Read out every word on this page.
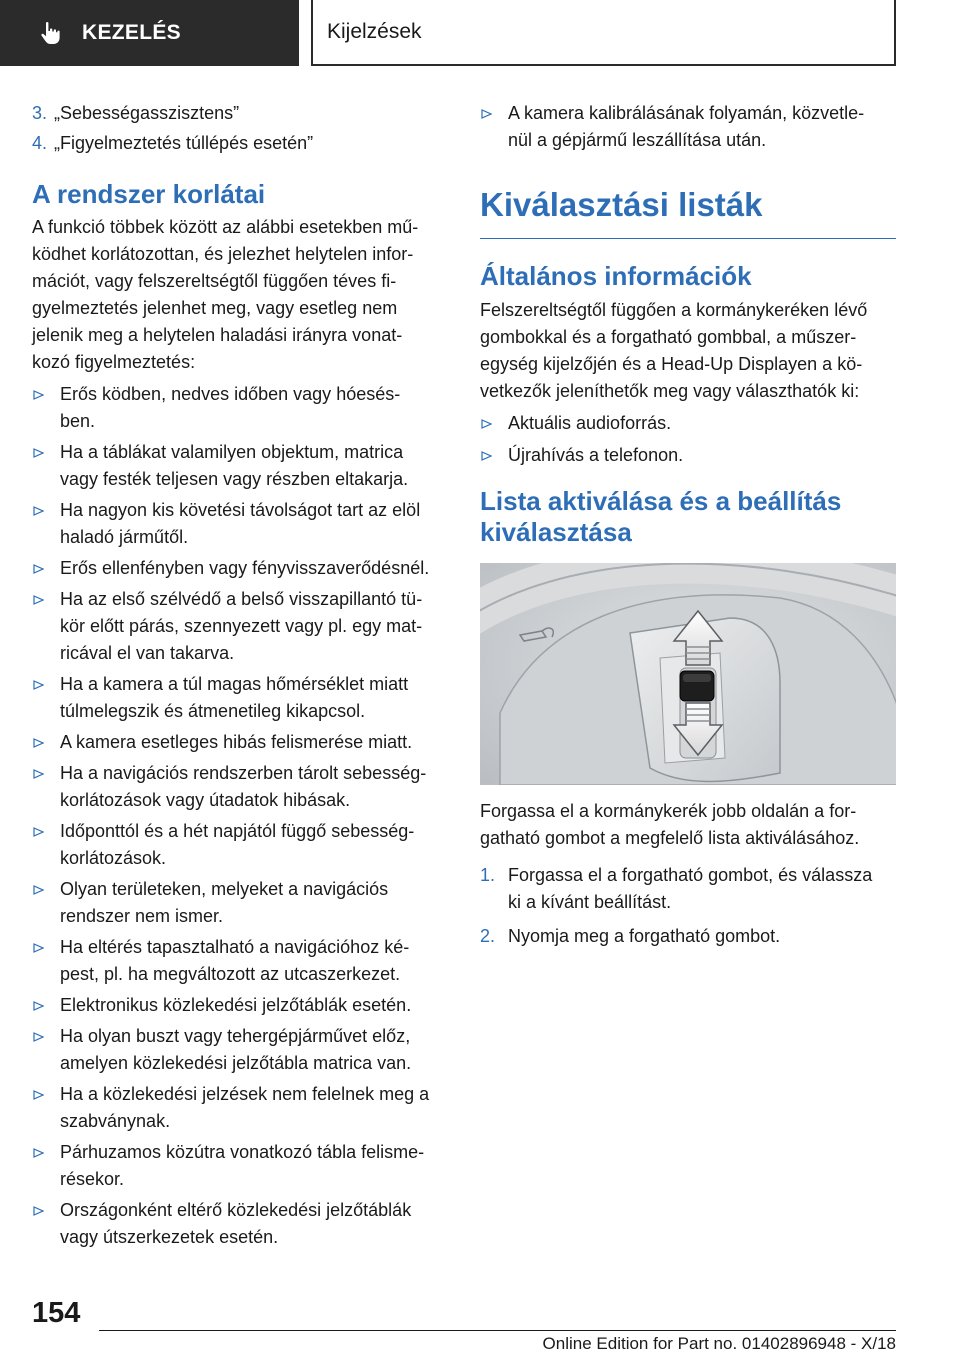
KEZELÉS	Kijelzések
3. „Sebességasszisztens”
4. „Figyelmeztetés túllépés esetén”
A rendszer korlátai
A funkció többek között az alábbi esetekben mű-
ködhet korlátozottan, és jelezhet helytelen infor-
mációt, vagy felszereltségtől függően téves fi-
gyelmeztetés jelenhet meg, vagy esetleg nem
jelenik meg a helytelen haladási irányra vonat-
kozó figyelmeztetés:
Erős ködben, nedves időben vagy hóesés-
ben.
Ha a táblákat valamilyen objektum, matrica
vagy festék teljesen vagy részben eltakarja.
Ha nagyon kis követési távolságot tart az elöl
haladó járműtől.
Erős ellenfényben vagy fényvisszaverődésnél.
Ha az első szélvédő a belső visszapillantó tü-
kör előtt párás, szennyezett vagy pl. egy mat-
ricával el van takarva.
Ha a kamera a túl magas hőmérséklet miatt
túlmelegszik és átmenetileg kikapcsol.
A kamera esetleges hibás felismerése miatt.
Ha a navigációs rendszerben tárolt sebesség-
korlátozások vagy útadatok hibásak.
Időponttól és a hét napjától függő sebesség-
korlátozások.
Olyan területeken, melyeket a navigációs
rendszer nem ismer.
Ha eltérés tapasztalható a navigációhoz ké-
pest, pl. ha megváltozott az utcaszerkezet.
Elektronikus közlekedési jelzőtáblák esetén.
Ha olyan buszt vagy tehergépjárművet előz,
amelyen közlekedési jelzőtábla matrica van.
Ha a közlekedési jelzések nem felelnek meg a
szabványnak.
Párhuzamos közútra vonatkozó tábla felisme-
résekor.
Országonként eltérő közlekedési jelzőtáblák
vagy útszerkezetek esetén.
A kamera kalibrálásának folyamán, közvetle-
nül a gépjármű leszállítása után.
Kiválasztási listák
Általános információk
Felszereltségtől függően a kormánykeréken lévő
gombokkal és a forgatható gombbal, a műszer-
egység kijelzőjén és a Head-Up Displayen a kö-
vetkezők jeleníthetők meg vagy választhatók ki:
Aktuális audioforrás.
Újrahívás a telefonon.
Lista aktiválása és a beállítás
kiválasztása
Forgassa el a kormánykerék jobb oldalán a for-
gatható gombot a megfelelő lista aktiválásához.
1. Forgassa el a forgatható gombot, és válassza
ki a kívánt beállítást.
2. Nyomja meg a forgatható gombot.
154
Online Edition for Part no. 01402896948 - X/18
